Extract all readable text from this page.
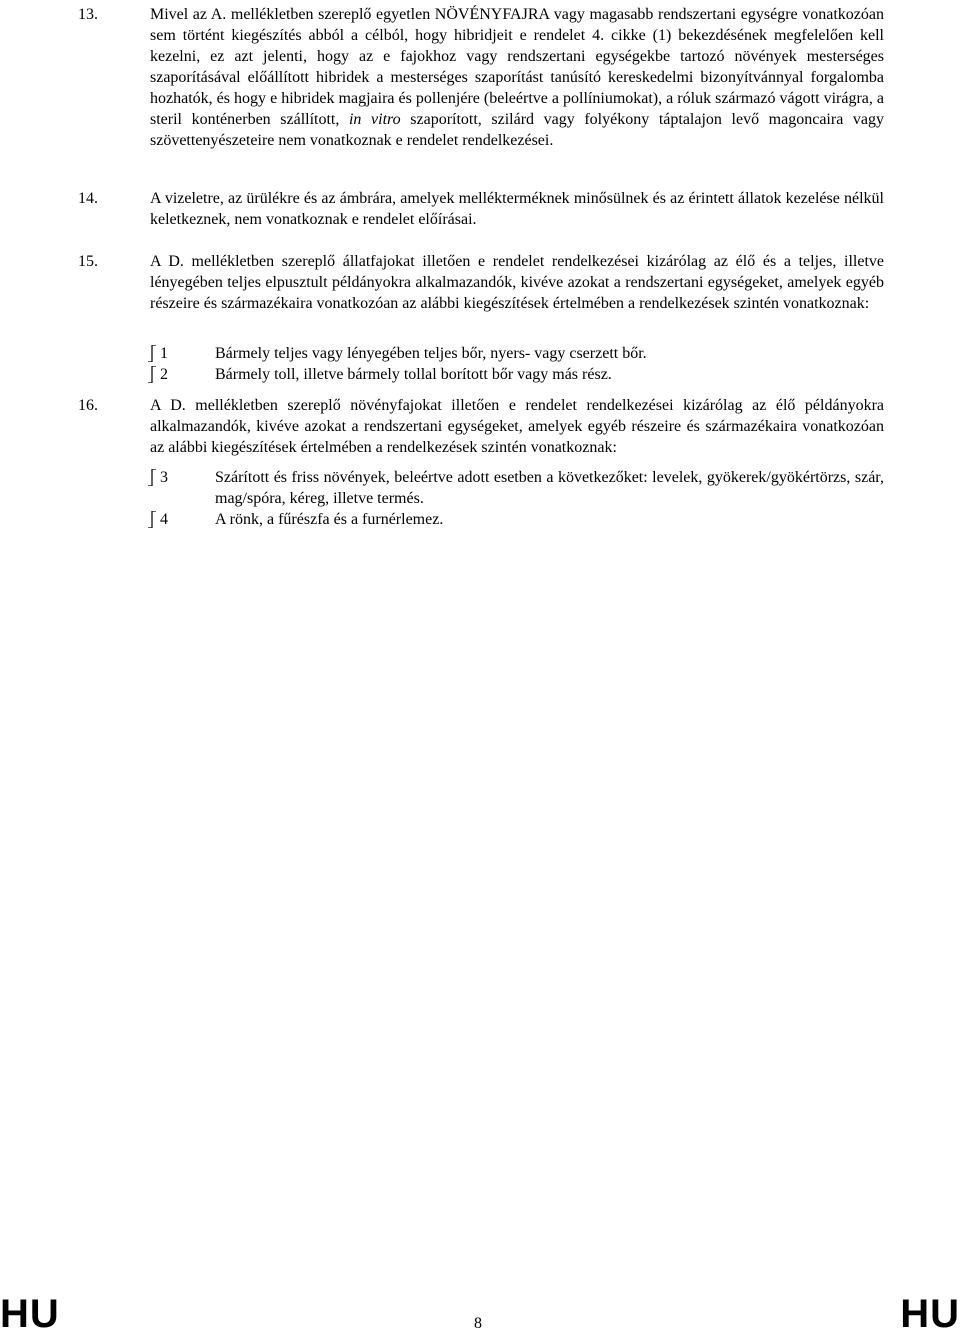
13.	Mivel az A. mellékletben szereplő egyetlen NÖVÉNYFAJRA vagy magasabb rendszertani egységre vonatkozóan sem történt kiegészítés abból a célból, hogy hibridjeit e rendelet 4. cikke (1) bekezdésének megfelelően kell kezelni, ez azt jelenti, hogy az e fajokhoz vagy rendszertani egységekbe tartozó növények mesterséges szaporításával előállított hibridek a mesterséges szaporítást tanúsító kereskedelmi bizonyítvánnyal forgalomba hozhatók, és hogy e hibridek magjaira és pollenjére (beleértve a pollíniumokat), a róluk származó vágott virágra, a steril konténerben szállított, in vitro szaporított, szilárd vagy folyékony táptalajon levő magoncaira vagy szövettenyészeteire nem vonatkoznak e rendelet rendelkezései.

14.	A vizeletre, az ürülékre és az ámbrára, amelyek mellékterméknek minősülnek és az érintett állatok kezelése nélkül keletkeznek, nem vonatkoznak e rendelet előírásai.

15.	A D. mellékletben szereplő állatfajokat illetően e rendelet rendelkezései kizárólag az élő és a teljes, illetve lényegében teljes elpusztult példányokra alkalmazandók, kivéve azokat a rendszertani egységeket, amelyek egyéb részeire és származékaira vonatkozóan az alábbi kiegészítések értelmében a rendelkezések szintén vonatkoznak:

1	Bármely teljes vagy lényegében teljes bőr, nyers- vagy cserzett bőr.
2	Bármely toll, illetve bármely tollal borított bőr vagy más rész.
16.	A D. mellékletben szereplő növényfajokat illetően e rendelet rendelkezései kizárólag az élő példányokra alkalmazandók, kivéve azokat a rendszertani egységeket, amelyek egyéb részeire és származékaira vonatkozóan az alábbi kiegészítések értelmében a rendelkezések szintén vonatkoznak:

3	Szárított és friss növények, beleértve adott esetben a következőket: levelek, gyökerek/gyökértörzs, szár, mag/spóra, kéreg, illetve termés.
4	A rönk, a fűrészfa és a furnérlemez.
HU	8	HU
